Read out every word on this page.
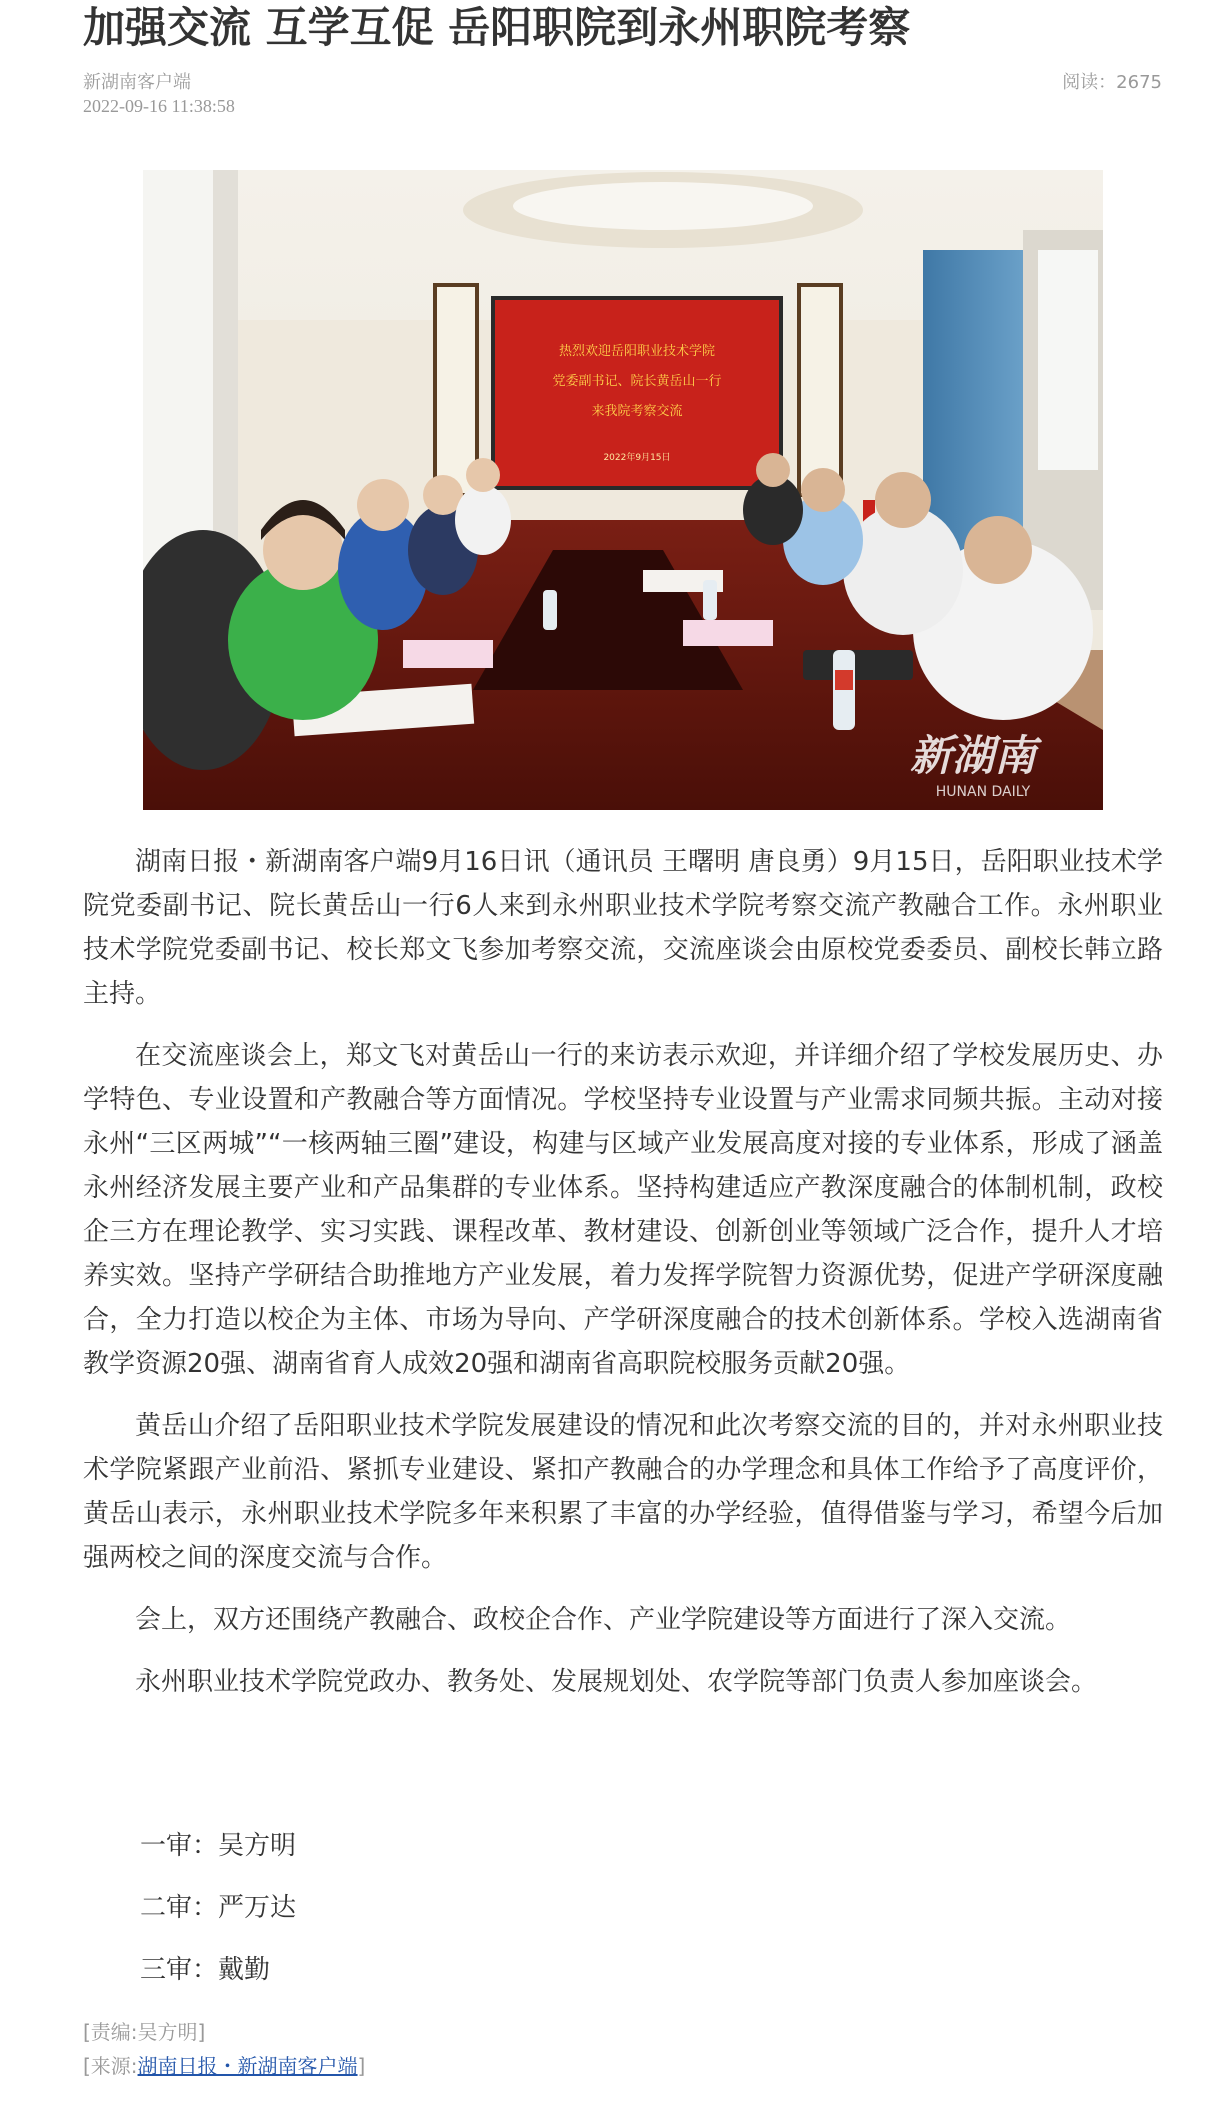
加强交流 互学互促 岳阳职院到永州职院考察
新湖南客户端
2022-09-16 11:38:58
阅读：2675
热烈欢迎岳阳职业技术学院
党委副书记、院长黄岳山一行
来我院考察交流
2022年9月15日
新湖南
HUNAN DAILY

湖南日报・新湖南客户端9月16日讯（通讯员 王曙明 唐良勇）9月15日，岳阳职业技术学院党委副书记、院长黄岳山一行6人来到永州职业技术学院考察交流产教融合工作。永州职业技术学院党委副书记、校长郑文飞参加考察交流，交流座谈会由原校党委委员、副校长韩立路主持。

在交流座谈会上，郑文飞对黄岳山一行的来访表示欢迎，并详细介绍了学校发展历史、办学特色、专业设置和产教融合等方面情况。学校坚持专业设置与产业需求同频共振。主动对接永州“三区两城”“一核两轴三圈”建设，构建与区域产业发展高度对接的专业体系，形成了涵盖永州经济发展主要产业和产品集群的专业体系。坚持构建适应产教深度融合的体制机制，政校企三方在理论教学、实习实践、课程改革、教材建设、创新创业等领域广泛合作，提升人才培养实效。坚持产学研结合助推地方产业发展，着力发挥学院智力资源优势，促进产学研深度融合，全力打造以校企为主体、市场为导向、产学研深度融合的技术创新体系。学校入选湖南省教学资源20强、湖南省育人成效20强和湖南省高职院校服务贡献20强。

黄岳山介绍了岳阳职业技术学院发展建设的情况和此次考察交流的目的，并对永州职业技术学院紧跟产业前沿、紧抓专业建设、紧扣产教融合的办学理念和具体工作给予了高度评价，黄岳山表示，永州职业技术学院多年来积累了丰富的办学经验，值得借鉴与学习，希望今后加强两校之间的深度交流与合作。

会上，双方还围绕产教融合、政校企合作、产业学院建设等方面进行了深入交流。

永州职业技术学院党政办、教务处、发展规划处、农学院等部门负责人参加座谈会。

一审：吴方明
二审：严万达
三审：戴勤
[责编:吴方明]
[来源:湖南日报・新湖南客户端]
